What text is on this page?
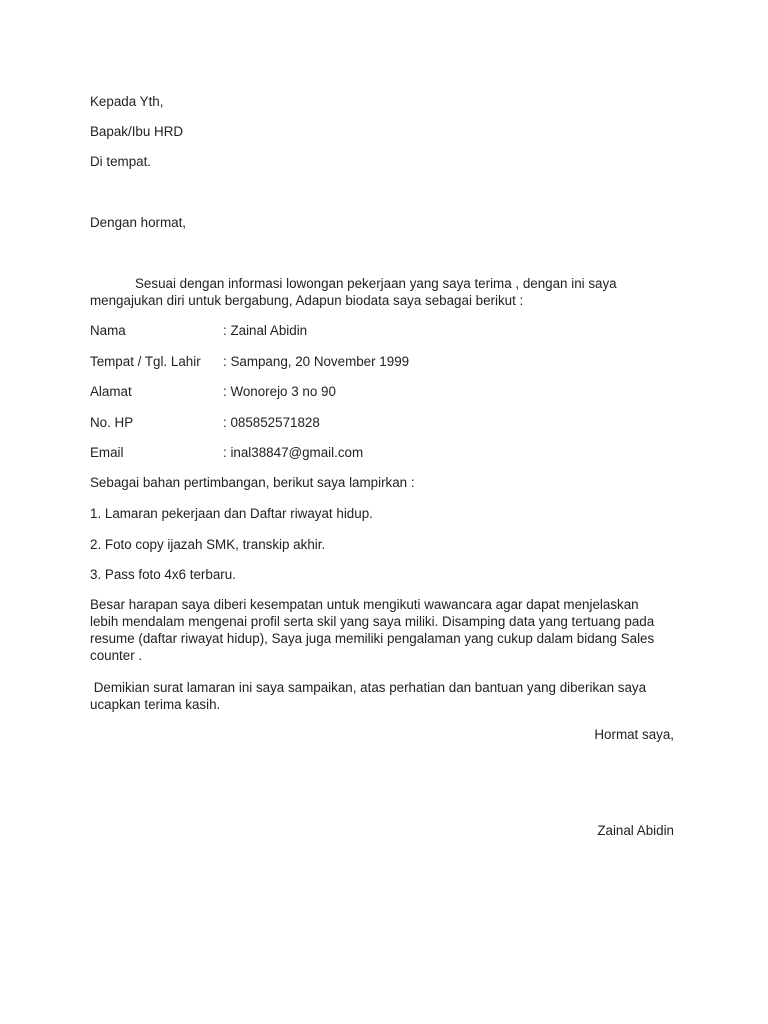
Kepada Yth,
Bapak/Ibu HRD
Di tempat.
Dengan hormat,
Sesuai dengan informasi lowongan pekerjaan yang saya terima , dengan ini saya
mengajukan diri untuk bergabung, Adapun biodata saya sebagai berikut :
Nama	: Zainal Abidin
Tempat / Tgl. Lahir : Sampang, 20 November 1999
Alamat	: Wonorejo 3 no 90
No. HP	: 085852571828
Email	: inal38847@gmail.com
Sebagai bahan pertimbangan, berikut saya lampirkan :
1. Lamaran pekerjaan dan Daftar riwayat hidup.
2. Foto copy ijazah SMK, transkip akhir.
3. Pass foto 4x6 terbaru.
Besar harapan saya diberi kesempatan untuk mengikuti wawancara agar dapat menjelaskan
lebih mendalam mengenai profil serta skil yang saya miliki. Disamping data yang tertuang pada
resume (daftar riwayat hidup), Saya juga memiliki pengalaman yang cukup dalam bidang Sales
counter .
Demikian surat lamaran ini saya sampaikan, atas perhatian dan bantuan yang diberikan saya
ucapkan terima kasih.
Hormat saya,
Zainal Abidin
